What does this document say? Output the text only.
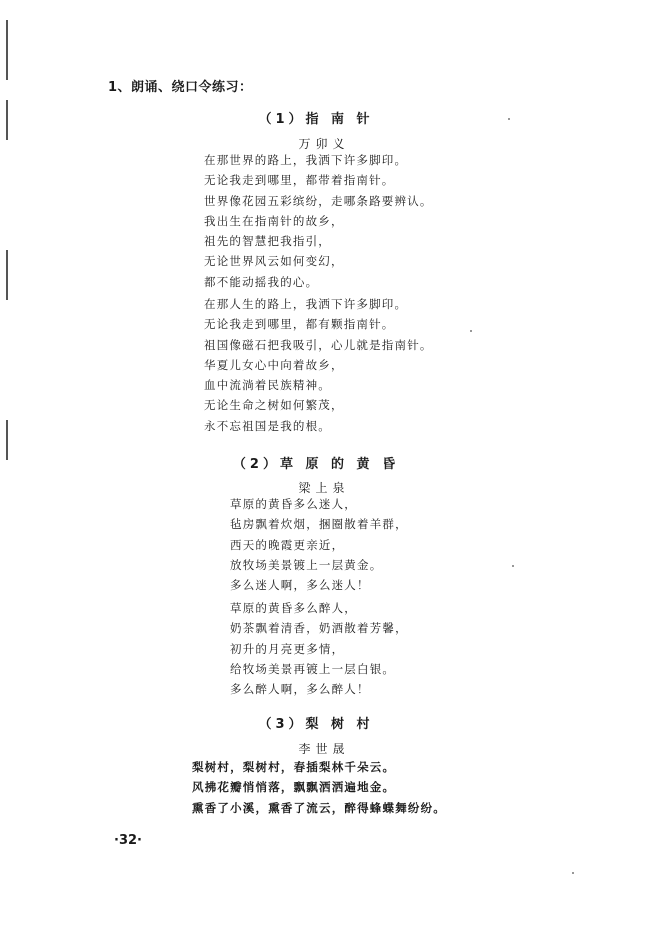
1、朗诵、绕口令练习：
（1）指 南 针
万卯义
在那世界的路上，我洒下许多脚印。
无论我走到哪里，都带着指南针。
世界像花园五彩缤纷，走哪条路要辨认。
我出生在指南针的故乡，
祖先的智慧把我指引，
无论世界风云如何变幻，
都不能动摇我的心。
在那人生的路上，我洒下许多脚印。
无论我走到哪里，都有颗指南针。
祖国像磁石把我吸引，心儿就是指南针。
华夏儿女心中向着故乡，
血中流淌着民族精神。
无论生命之树如何繁茂，
永不忘祖国是我的根。
（2）草 原 的 黄 昏
梁上泉
草原的黄昏多么迷人，
毡房飘着炊烟，捆圈散着羊群，
西天的晚霞更亲近，
放牧场美景镀上一层黄金。
多么迷人啊，多么迷人！
草原的黄昏多么醉人，
奶茶飘着清香，奶酒散着芳馨，
初升的月亮更多情，
给牧场美景再镀上一层白银。
多么醉人啊，多么醉人！
（3）梨 树 村
李世晟
梨树村，梨树村，春插梨林千朵云。
风拂花瓣悄悄落，飘飘洒洒遍地金。
熏香了小溪，熏香了流云，醉得蜂蝶舞纷纷。
·32·
